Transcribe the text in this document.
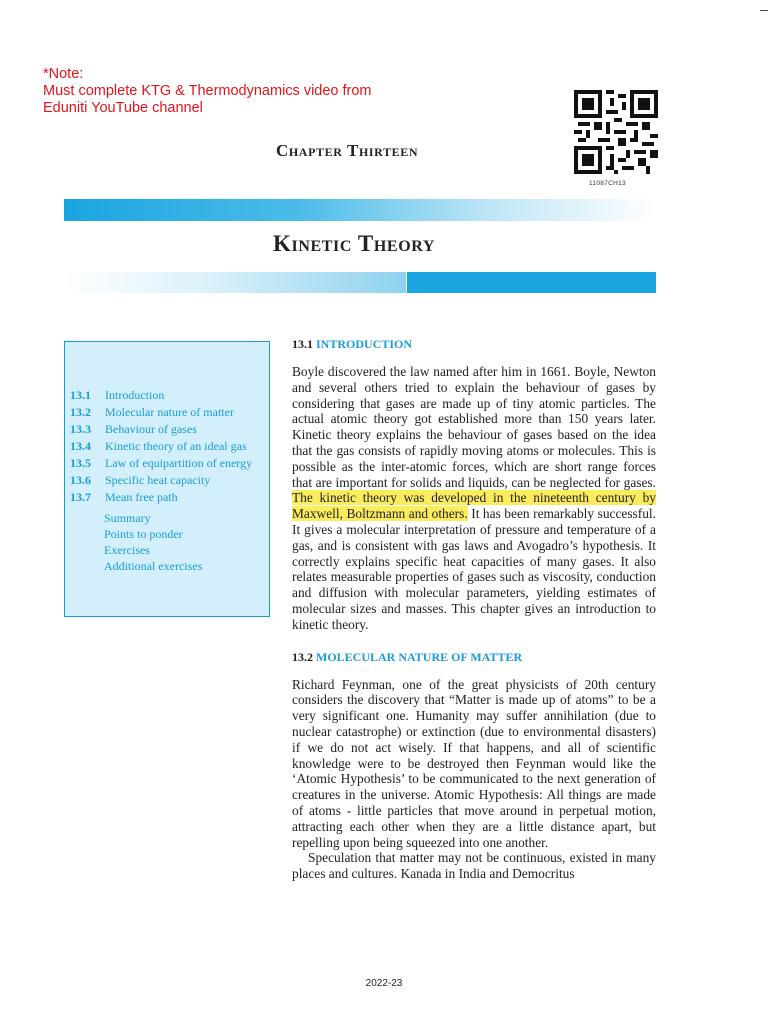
*Note:
Must complete KTG & Thermodynamics video from
Eduniti YouTube channel
Chapter Thirteen
11087CH13
Kinetic Theory
13.1	Introduction
13.2	Molecular nature of matter
13.3	Behaviour of gases
13.4	Kinetic theory of an ideal gas
13.5	Law of equipartition of energy
13.6	Specific heat capacity
13.7	Mean free path
Summary
Points to ponder
Exercises
Additional exercises
13.1 INTRODUCTION

Boyle discovered the law named after him in 1661. Boyle, Newton and several others tried to explain the behaviour of gases by considering that gases are made up of tiny atomic particles. The actual atomic theory got established more than 150 years later. Kinetic theory explains the behaviour of gases based on the idea that the gas consists of rapidly moving atoms or molecules. This is possible as the inter-atomic forces, which are short range forces that are important for solids and liquids, can be neglected for gases. The kinetic theory was developed in the nineteenth century by Maxwell, Boltzmann and others. It has been remarkably successful. It gives a molecular interpretation of pressure and temperature of a gas, and is consistent with gas laws and Avogadro’s hypothesis. It correctly explains specific heat capacities of many gases. It also relates measurable properties of gases such as viscosity, conduction and diffusion with molecular parameters, yielding estimates of molecular sizes and masses. This chapter gives an introduction to kinetic theory.

13.2 MOLECULAR NATURE OF MATTER

Richard Feynman, one of the great physicists of 20th century considers the discovery that “Matter is made up of atoms” to be a very significant one. Humanity may suffer annihilation (due to nuclear catastrophe) or extinction (due to environmental disasters) if we do not act wisely. If that happens, and all of scientific knowledge were to be destroyed then Feynman would like the ‘Atomic Hypothesis’ to be communicated to the next generation of creatures in the universe. Atomic Hypothesis: All things are made of atoms - little particles that move around in perpetual motion, attracting each other when they are a little distance apart, but repelling upon being squeezed into one another.

Speculation that matter may not be continuous, existed in many places and cultures. Kanada in India and Democritus

2022-23
